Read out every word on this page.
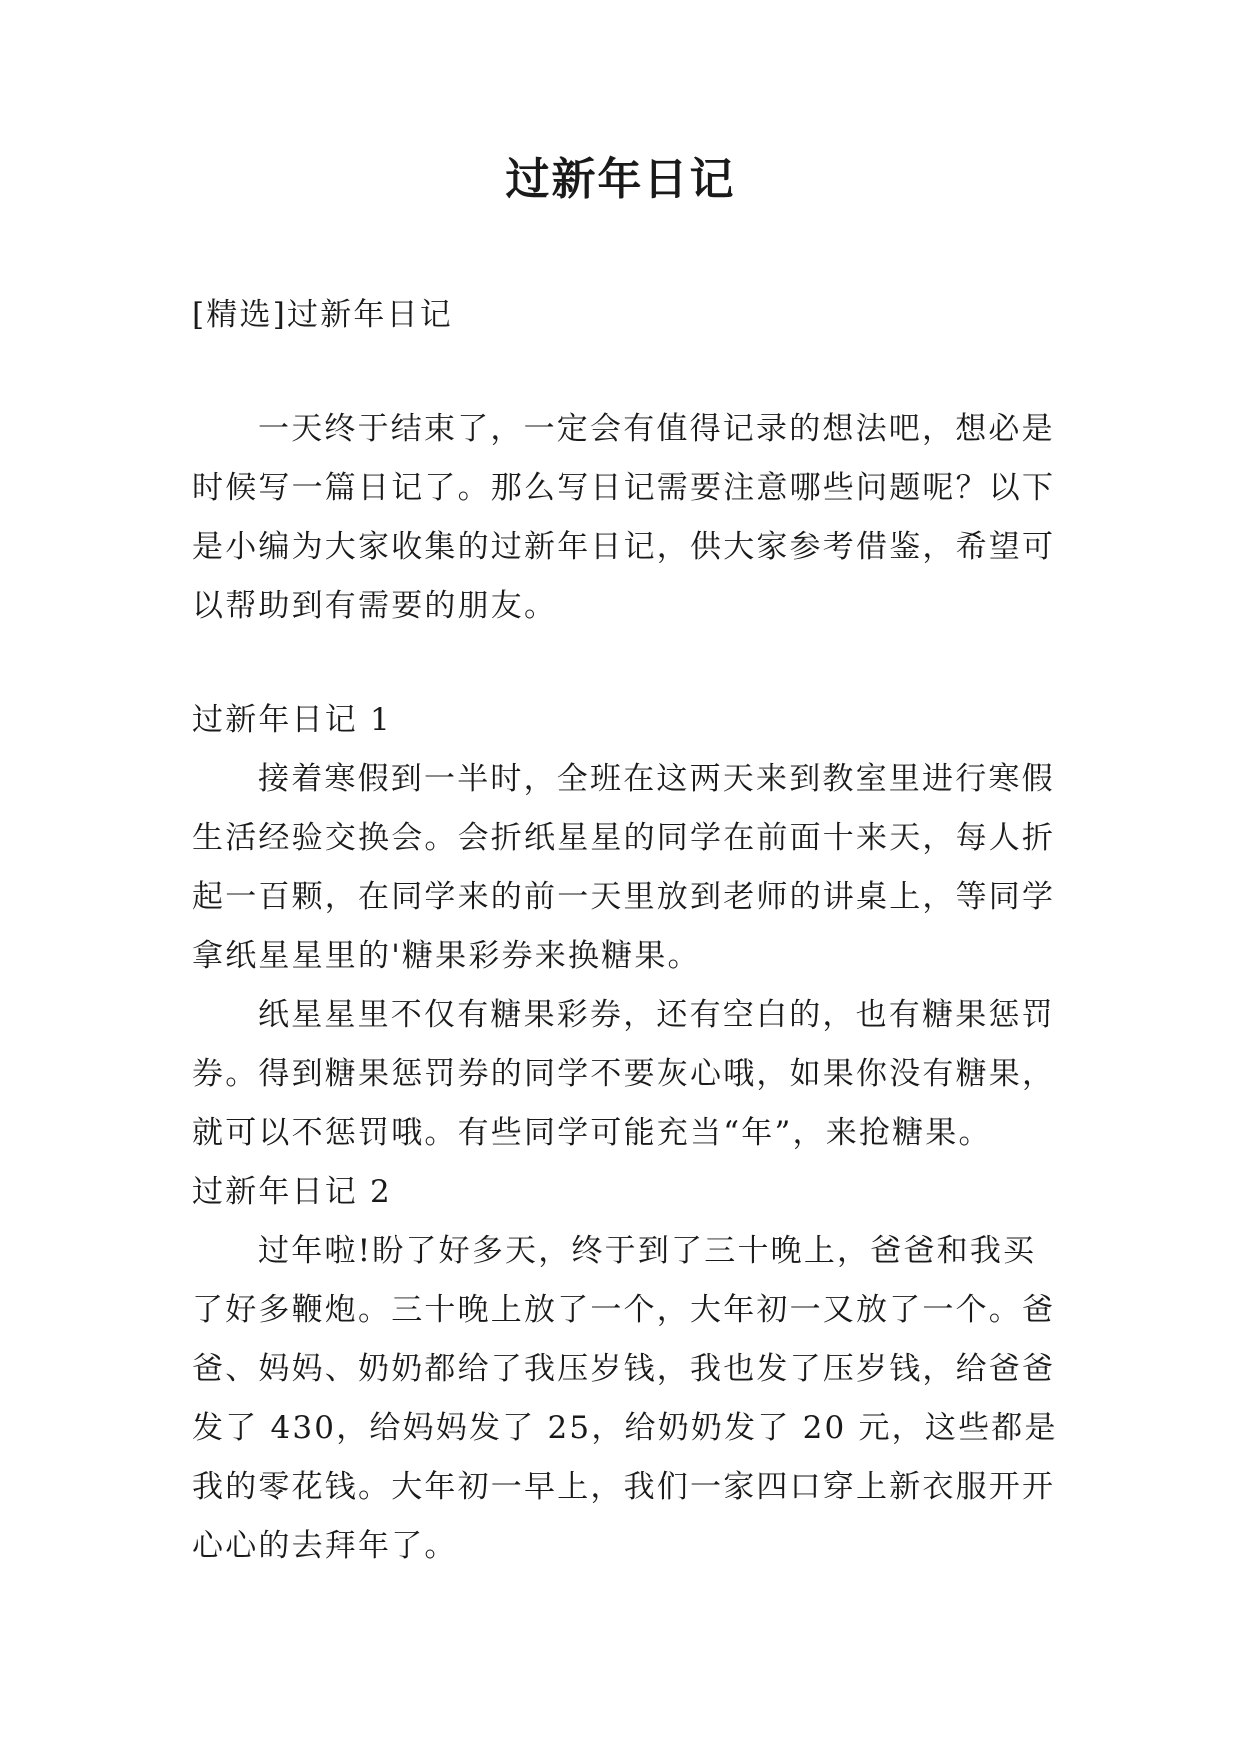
过新年日记

[精选]过新年日记

一天终于结束了，一定会有值得记录的想法吧，想必是时候写一篇日记了。那么写日记需要注意哪些问题呢？以下是小编为大家收集的过新年日记，供大家参考借鉴，希望可以帮助到有需要的朋友。

过新年日记 1

接着寒假到一半时，全班在这两天来到教室里进行寒假生活经验交换会。会折纸星星的同学在前面十来天，每人折起一百颗，在同学来的前一天里放到老师的讲桌上，等同学拿纸星星里的'糖果彩券来换糖果。

纸星星里不仅有糖果彩券，还有空白的，也有糖果惩罚券。得到糖果惩罚券的同学不要灰心哦，如果你没有糖果，就可以不惩罚哦。有些同学可能充当“年”，来抢糖果。

过新年日记 2

过年啦!盼了好多天，终于到了三十晚上，爸爸和我买了好多鞭炮。三十晚上放了一个，大年初一又放了一个。爸爸、妈妈、奶奶都给了我压岁钱，我也发了压岁钱，给爸爸发了 430，给妈妈发了 25，给奶奶发了 20 元，这些都是我的零花钱。大年初一早上，我们一家四口穿上新衣服开开心心的去拜年了。
